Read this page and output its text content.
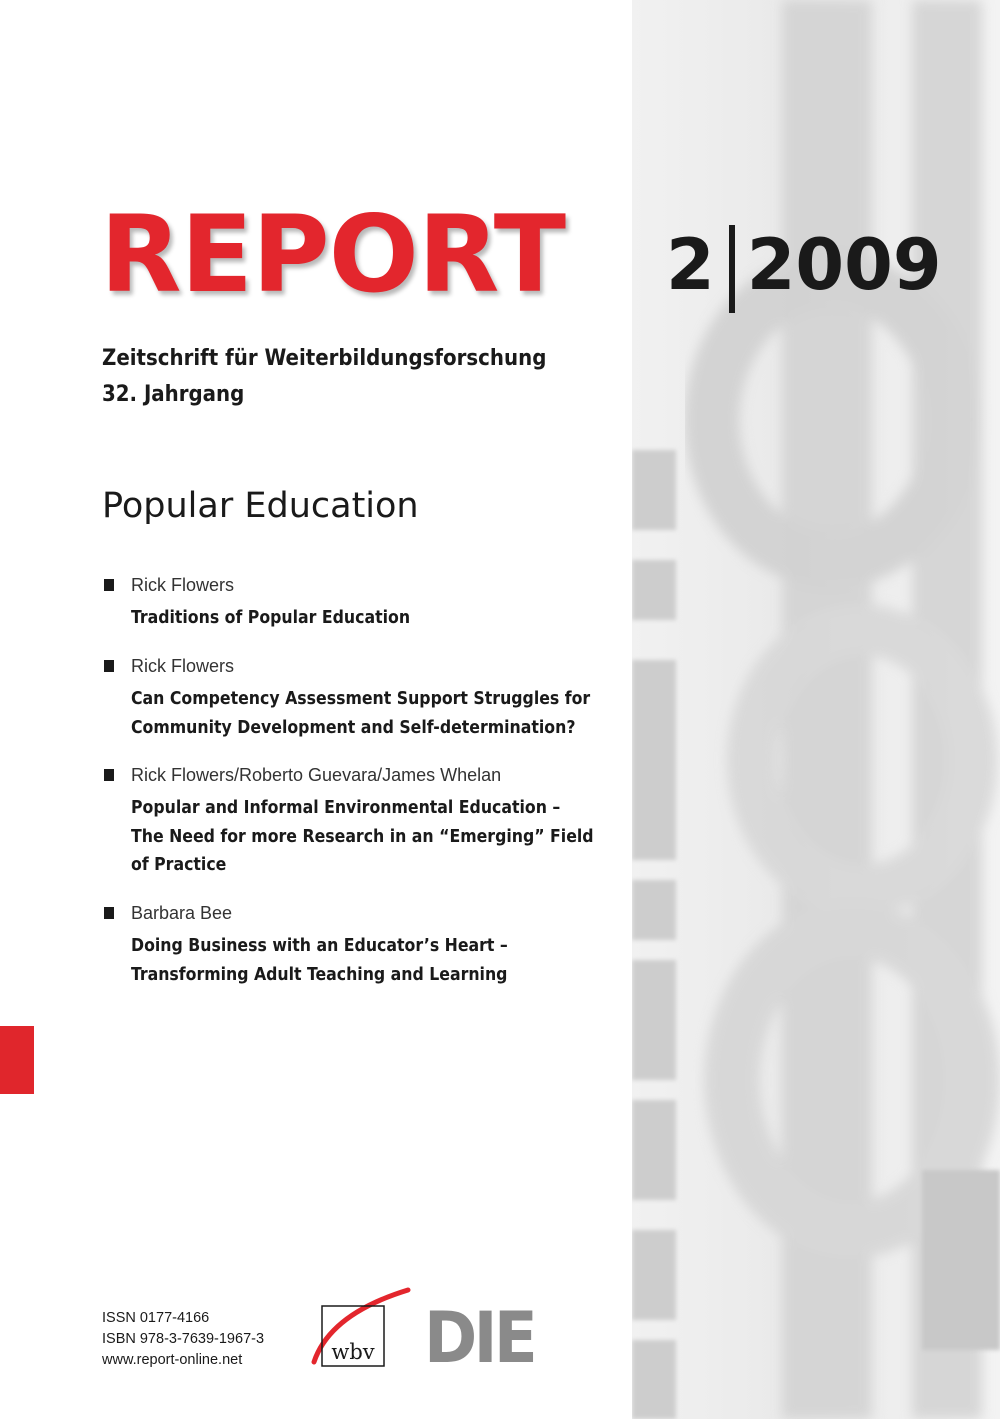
REPORT 2 2009
Zeitschrift für Weiterbildungsforschung
32. Jahrgang
Popular Education
Rick Flowers
Traditions of Popular Education
Rick Flowers
Can Competency Assessment Support Struggles for
Community Development and Self-determination?
Rick Flowers/Roberto Guevara/James Whelan
Popular and Informal Environmental Education –
The Need for more Research in an “Emerging” Field
of Practice
Barbara Bee
Doing Business with an Educator’s Heart –
Transforming Adult Teaching and Learning
ISSN 0177-4166
ISBN 978-3-7639-1967-3
www.report-online.net	wbv DIE
